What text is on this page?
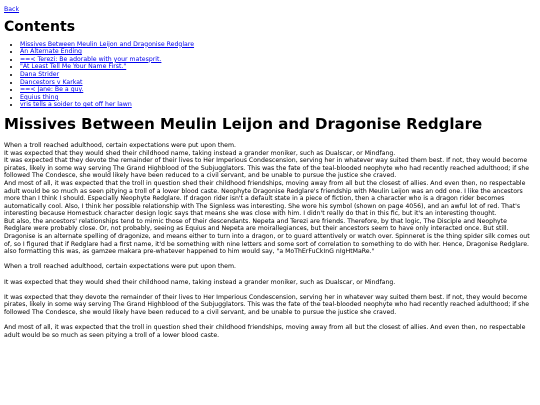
Back
Contents
• Missives Between Meulin Leijon and Dragonise Redglare
• An Alternate Ending
• ==< Terezi: Be adorable with your matesprit.
• "At Least Tell Me Your Name First."
• Dana Strider
• Dancestors v Karkat
• ==< Jane: Be a guy.
• Equius thing
• vris tells a soider to get off her lawn
Missives Between Meulin Leijon and Dragonise Redglare

When a troll reached adulthood, certain expectations were put upon them.

It was expected that they would shed their childhood name, taking instead a grander moniker, such as Dualscar, or Mindfang.

It was expected that they devote the remainder of their lives to Her Imperious Condescension, serving her in whatever way suited them best. If not, they would become pirates, likely in some way serving The Grand Highblood of the Subjugglators. This was the fate of the teal-blooded neophyte who had recently reached adulthood; if she followed The Condesce, she would likely have been reduced to a civil servant, and be unable to pursue the justice she craved.

And most of all, it was expected that the troll in question shed their childhood friendships, moving away from all but the closest of allies. And even then, no respectable adult would be so much as seen pitying a troll of a lower blood caste. Neophyte Dragonise Redglare's friendship with Meulin Leijon was an odd one. I like the ancestors more than I think I should. Especially Neophyte Redglare. If dragon rider isn't a default state in a piece of fiction, then a character who is a dragon rider becomes automatically cool. Also, I think her possible relationship with The Signless was interesting. She wore his symbol (shown on page 4056), and an awful lot of red. That's interesting because Homestuck character design logic says that means she was close with him. I didn't really do that in this fic, but it's an interesting thought.

But also, the ancestors' relationships tend to mimic those of their descendants. Nepeta and Terezi are friends. Therefore, by that logic, The Disciple and Neophyte Redglare were probably close. Or, not probably, seeing as Equius and Nepeta are moirallegiances, but their ancestors seem to have only interacted once. But still. Dragonise is an alternate spelling of dragonize, and means either to turn into a dragon, or to guard attentively or watch over. Spinneret is the thing spider silk comes out of, so I figured that if Redglare had a first name, it'd be something with nine letters and some sort of correlation to something to do with her. Hence, Dragonise Redglare. also formatting this was, as gamzee makara pre-whatever happened to him would say, "a MoThErFuCkInG nIgHtMaRe."

When a troll reached adulthood, certain expectations were put upon them.

It was expected that they would shed their childhood name, taking instead a grander moniker, such as Dualscar, or Mindfang.

It was expected that they devote the remainder of their lives to Her Imperious Condescension, serving her in whatever way suited them best. If not, they would become pirates, likely in some way serving The Grand Highblood of the Subjugglators. This was the fate of the teal-blooded neophyte who had recently reached adulthood; if she followed The Condesce, she would likely have been reduced to a civil servant, and be unable to pursue the justice she craved.

And most of all, it was expected that the troll in question shed their childhood friendships, moving away from all but the closest of allies. And even then, no respectable adult would be so much as seen pitying a troll of a lower blood caste.
